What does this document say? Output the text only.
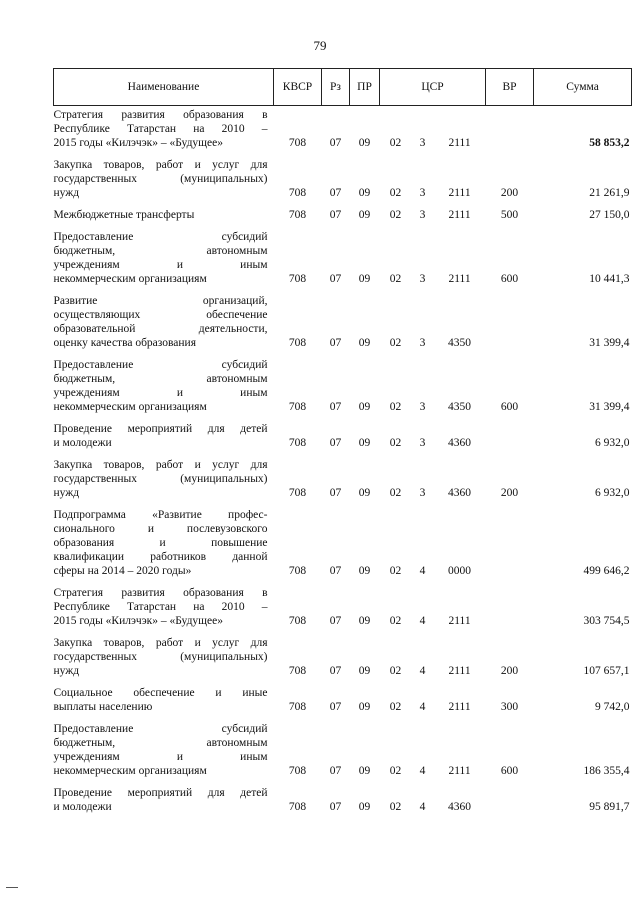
79
Наименование	КВСР	Рз	ПР	ЦСР			ВР	Сумма

Стратегия развития образования в
Республике Татарстан на 2010 –
2015 годы «Килэчэк» – «Будущее»	708	07	09	02	3	2111		58 853,2

Закупка товаров, работ и услуг для
государственных (муниципальных)
нужд	708	07	09	02	3	2111	200	21 261,9

Межбюджетные трансферты	708	07	09	02	3	2111	500	27 150,0

Предоставление субсидий
бюджетным, автономным
учреждениям и иным
некоммерческим организациям	708	07	09	02	3	2111	600	10 441,3

Развитие организаций,
осуществляющих обеспечение
образовательной деятельности,
оценку качества образования	708	07	09	02	3	4350		31 399,4

Предоставление субсидий
бюджетным, автономным
учреждениям и иным
некоммерческим организациям	708	07	09	02	3	4350	600	31 399,4

Проведение мероприятий для детей
и молодежи	708	07	09	02	3	4360		6 932,0

Закупка товаров, работ и услуг для
государственных (муниципальных)
нужд	708	07	09	02	3	4360	200	6 932,0

Подпрограмма «Развитие профес-
сионального и послевузовского
образования и повышение
квалификации работников данной
сферы на 2014 – 2020 годы»	708	07	09	02	4	0000		499 646,2

Стратегия развития образования в
Республике Татарстан на 2010 –
2015 годы «Килэчэк» – «Будущее»	708	07	09	02	4	2111		303 754,5

Закупка товаров, работ и услуг для
государственных (муниципальных)
нужд	708	07	09	02	4	2111	200	107 657,1

Социальное обеспечение и иные
выплаты населению	708	07	09	02	4	2111	300	9 742,0

Предоставление субсидий
бюджетным, автономным
учреждениям и иным
некоммерческим организациям	708	07	09	02	4	2111	600	186 355,4

Проведение мероприятий для детей
и молодежи	708	07	09	02	4	4360		95 891,7
